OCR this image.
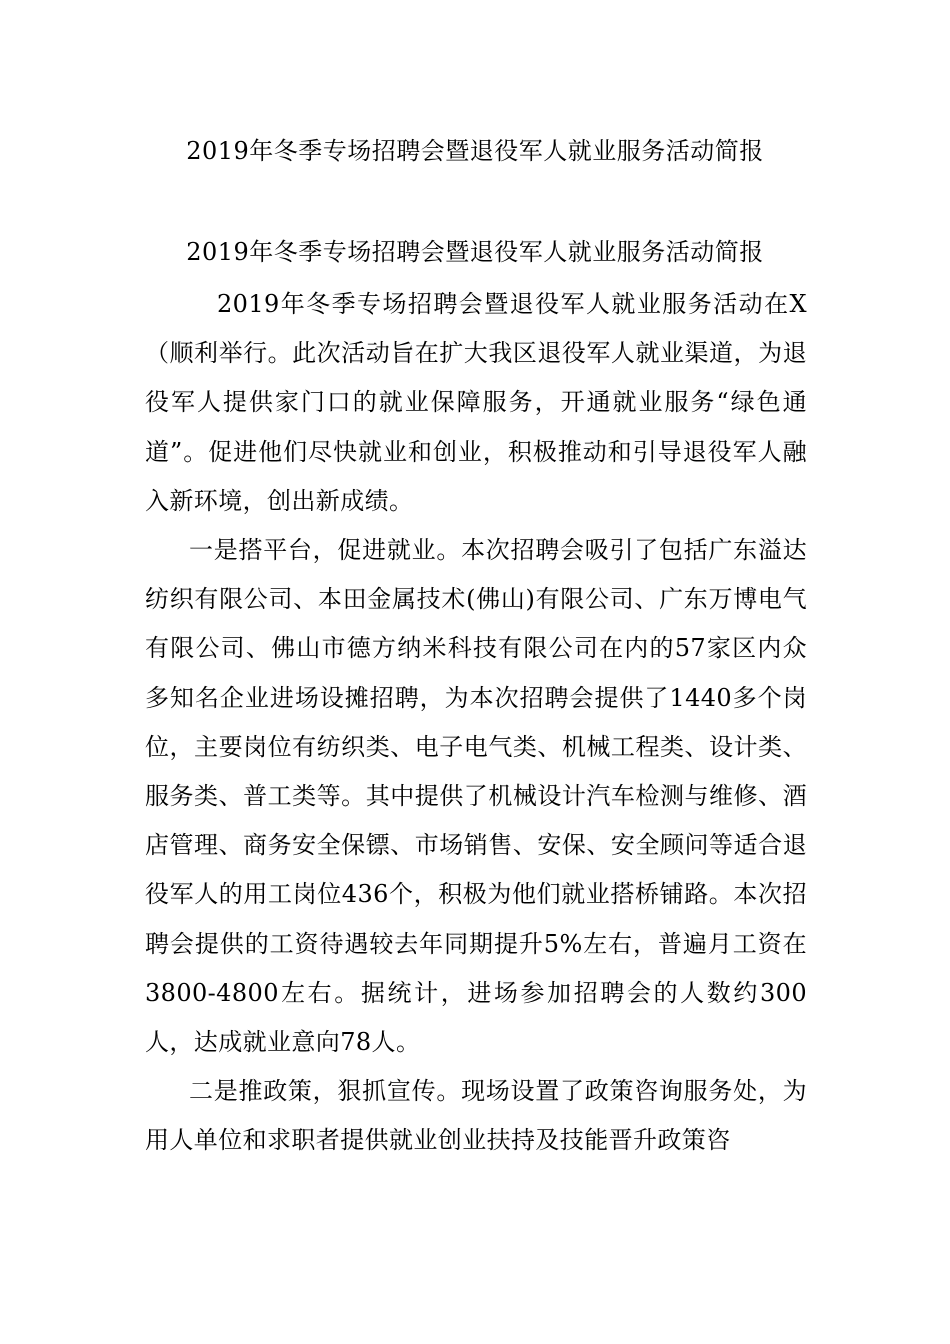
2019年冬季专场招聘会暨退役军人就业服务活动简报
2019年冬季专场招聘会暨退役军人就业服务活动简报

2019年冬季专场招聘会暨退役军人就业服务活动在X（顺利举行。此次活动旨在扩大我区退役军人就业渠道，为退役军人提供家门口的就业保障服务，开通就业服务“绿色通道”。促进他们尽快就业和创业，积极推动和引导退役军人融入新环境，创出新成绩。

一是搭平台，促进就业。本次招聘会吸引了包括广东溢达纺织有限公司、本田金属技术(佛山)有限公司、广东万博电气有限公司、佛山市德方纳米科技有限公司在内的57家区内众多知名企业进场设摊招聘，为本次招聘会提供了1440多个岗位，主要岗位有纺织类、电子电气类、机械工程类、设计类、服务类、普工类等。其中提供了机械设计汽车检测与维修、酒店管理、商务安全保镖、市场销售、安保、安全顾问等适合退役军人的用工岗位436个，积极为他们就业搭桥铺路。本次招聘会提供的工资待遇较去年同期提升5%左右，普遍月工资在3800-4800左右。据统计，进场参加招聘会的人数约300人，达成就业意向78人。

二是推政策，狠抓宣传。现场设置了政策咨询服务处，为用人单位和求职者提供就业创业扶持及技能晋升政策咨
